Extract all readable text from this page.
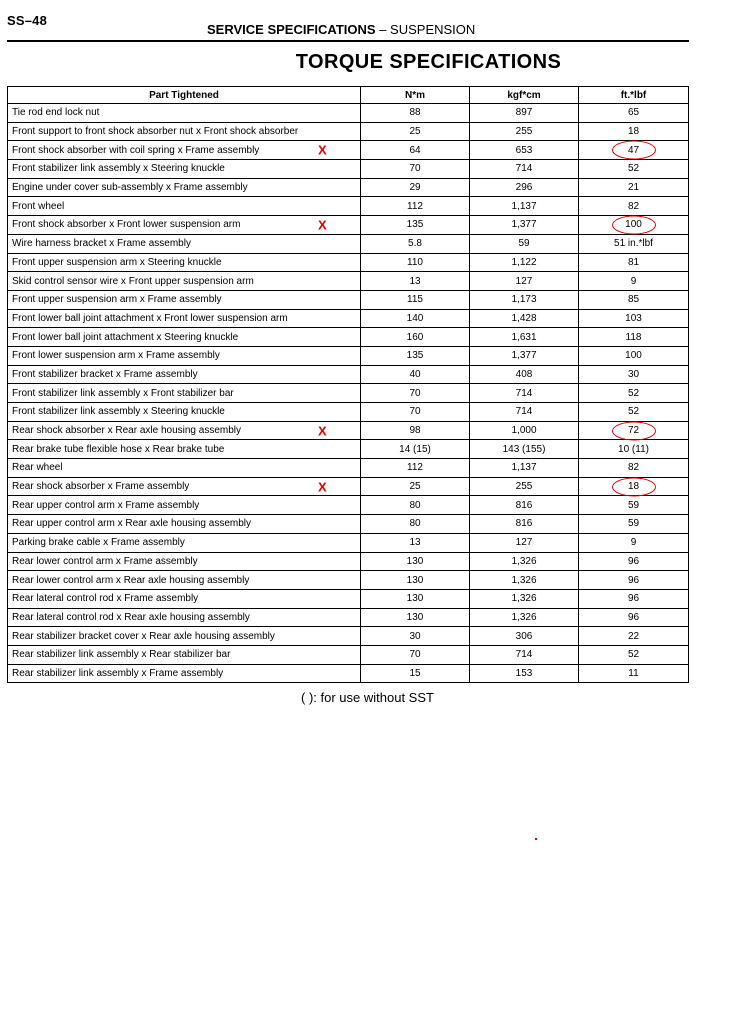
SS–48
SERVICE SPECIFICATIONS – SUSPENSION
TORQUE SPECIFICATIONS
Part Tightened	N*m	kgf*cm	ft.*lbf
Tie rod end lock nut	88	897	65
Front support to front shock absorber nut x Front shock absorber	25	255	18
Front shock absorber with coil spring x Frame assembly X	64	653	47

Front stabilizer link assembly x Steering knuckle	70	714	52
Engine under cover sub-assembly x Frame assembly	29	296	21
Front wheel	112	1,137	82
Front shock absorber x Front lower suspension arm X	135	1,377	100

Wire harness bracket x Frame assembly	5.8	59	51 in.*lbf
Front upper suspension arm x Steering knuckle	110	1,122	81
Skid control sensor wire x Front upper suspension arm	13	127	9
Front upper suspension arm x Frame assembly	115	1,173	85
Front lower ball joint attachment x Front lower suspension arm	140	1,428	103
Front lower ball joint attachment x Steering knuckle	160	1,631	118
Front lower suspension arm x Frame assembly	135	1,377	100
Front stabilizer bracket x Frame assembly	40	408	30
Front stabilizer link assembly x Front stabilizer bar	70	714	52
Front stabilizer link assembly x Steering knuckle	70	714	52
Rear shock absorber x Rear axle housing assembly X	98	1,000	72

Rear brake tube flexible hose x Rear brake tube	14 (15)	143 (155)	10 (11)
Rear wheel	112	1,137	82
Rear shock absorber x Frame assembly X	25	255	18

Rear upper control arm x Frame assembly	80	816	59
Rear upper control arm x Rear axle housing assembly	80	816	59
Parking brake cable x Frame assembly	13	127	9
Rear lower control arm x Frame assembly	130	1,326	96
Rear lower control arm x Rear axle housing assembly	130	1,326	96
Rear lateral control rod x Frame assembly	130	1,326	96
Rear lateral control rod x Rear axle housing assembly	130	1,326	96
Rear stabilizer bracket cover x Rear axle housing assembly	30	306	22
Rear stabilizer link assembly x Rear stabilizer bar	70	714	52
Rear stabilizer link assembly x Frame assembly	15	153	11
( ): for use without SST
